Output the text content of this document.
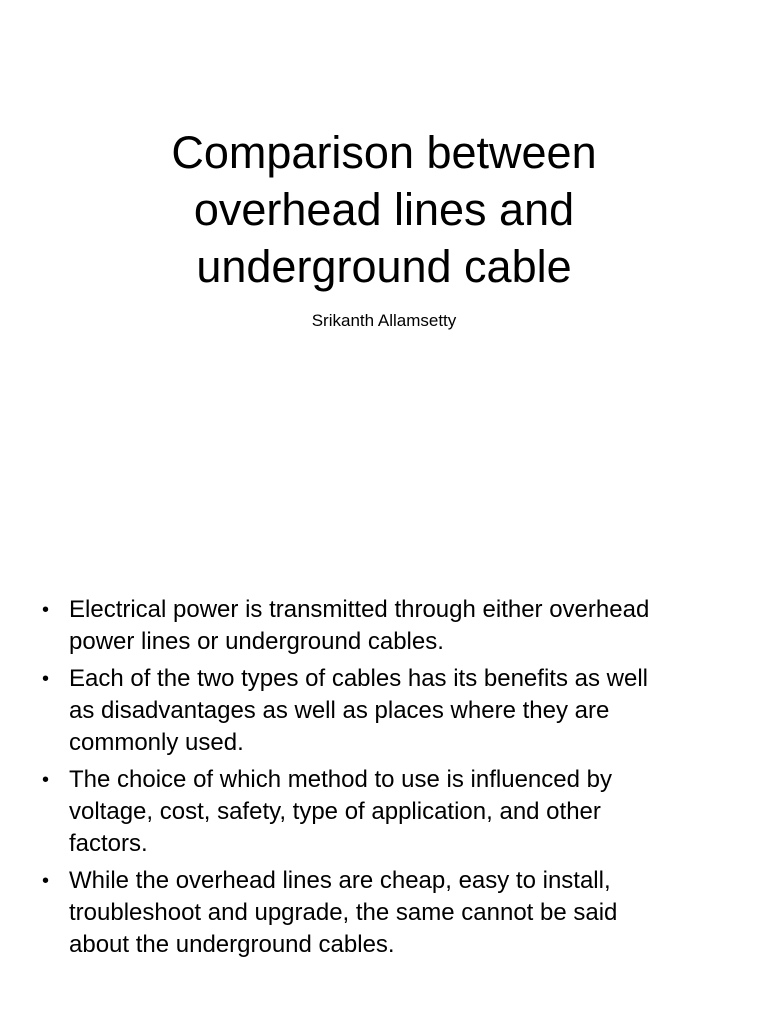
Comparison between
overhead lines and
underground cable

Srikanth Allamsetty

• Electrical power is transmitted through either overhead
power lines or underground cables.
• Each of the two types of cables has its benefits as well
as disadvantages as well as places where they are
commonly used.
• The choice of which method to use is influenced by
voltage, cost, safety, type of application, and other
factors.
• While the overhead lines are cheap, easy to install,
troubleshoot and upgrade, the same cannot be said
about the underground cables.
